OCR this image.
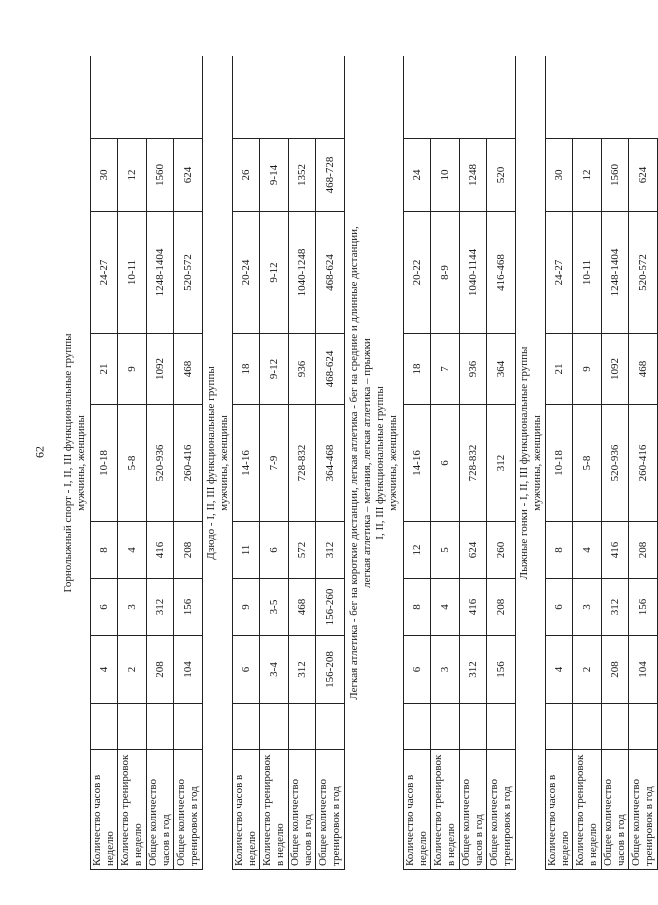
62 Горнолыжный спорт - I, II, III функциональные группы мужчины, женщины								

Количество часов в неделю		4	6	8	10-18	21	24-27	30
Количество тренировок в неделю		2	3	4	5-8	9	10-11	12
Общее количество часов в год		208	312	416	520-936	1092	1248-1404	1560
Общее количество тренировок в год		104	156	208	260-416	468	520-572	624

Дзюдо - I, II, III функциональные группы мужчины, женщины								

Количество часов в неделю		6	9	11	14-16	18	20-24	26
Количество тренировок в неделю		3-4	3-5	6	7-9	9-12	9-12	9-14
Общее количество часов в год		312	468	572	728-832	936	1040-1248	1352
Общее количество тренировок в год		156-208	156-260	312	364-468	468-624	468-624	468-728

Легкая атлетика - бег на короткие дистанции, легкая атлетика - бег на средние и длинные дистанции, легкая атлетика – метания, легкая атлетика – прыжки I, II, III функциональные группы мужчины, женщины								

Количество часов в неделю		6	8	12	14-16	18	20-22	24
Количество тренировок в неделю		3	4	5	6	7	8-9	10
Общее количество часов в год		312	416	624	728-832	936	1040-1144	1248
Общее количество тренировок в год		156	208	260	312	364	416-468	520

Лыжные гонки - I, II, III функциональные группы мужчины, женщины								

Количество часов в неделю		4	6	8	10-18	21	24-27	30
Количество тренировок в неделю		2	3	4	5-8	9	10-11	12
Общее количество часов в год		208	312	416	520-936	1092	1248-1404	1560
Общее количество тренировок в год		104	156	208	260-416	468	520-572	624
